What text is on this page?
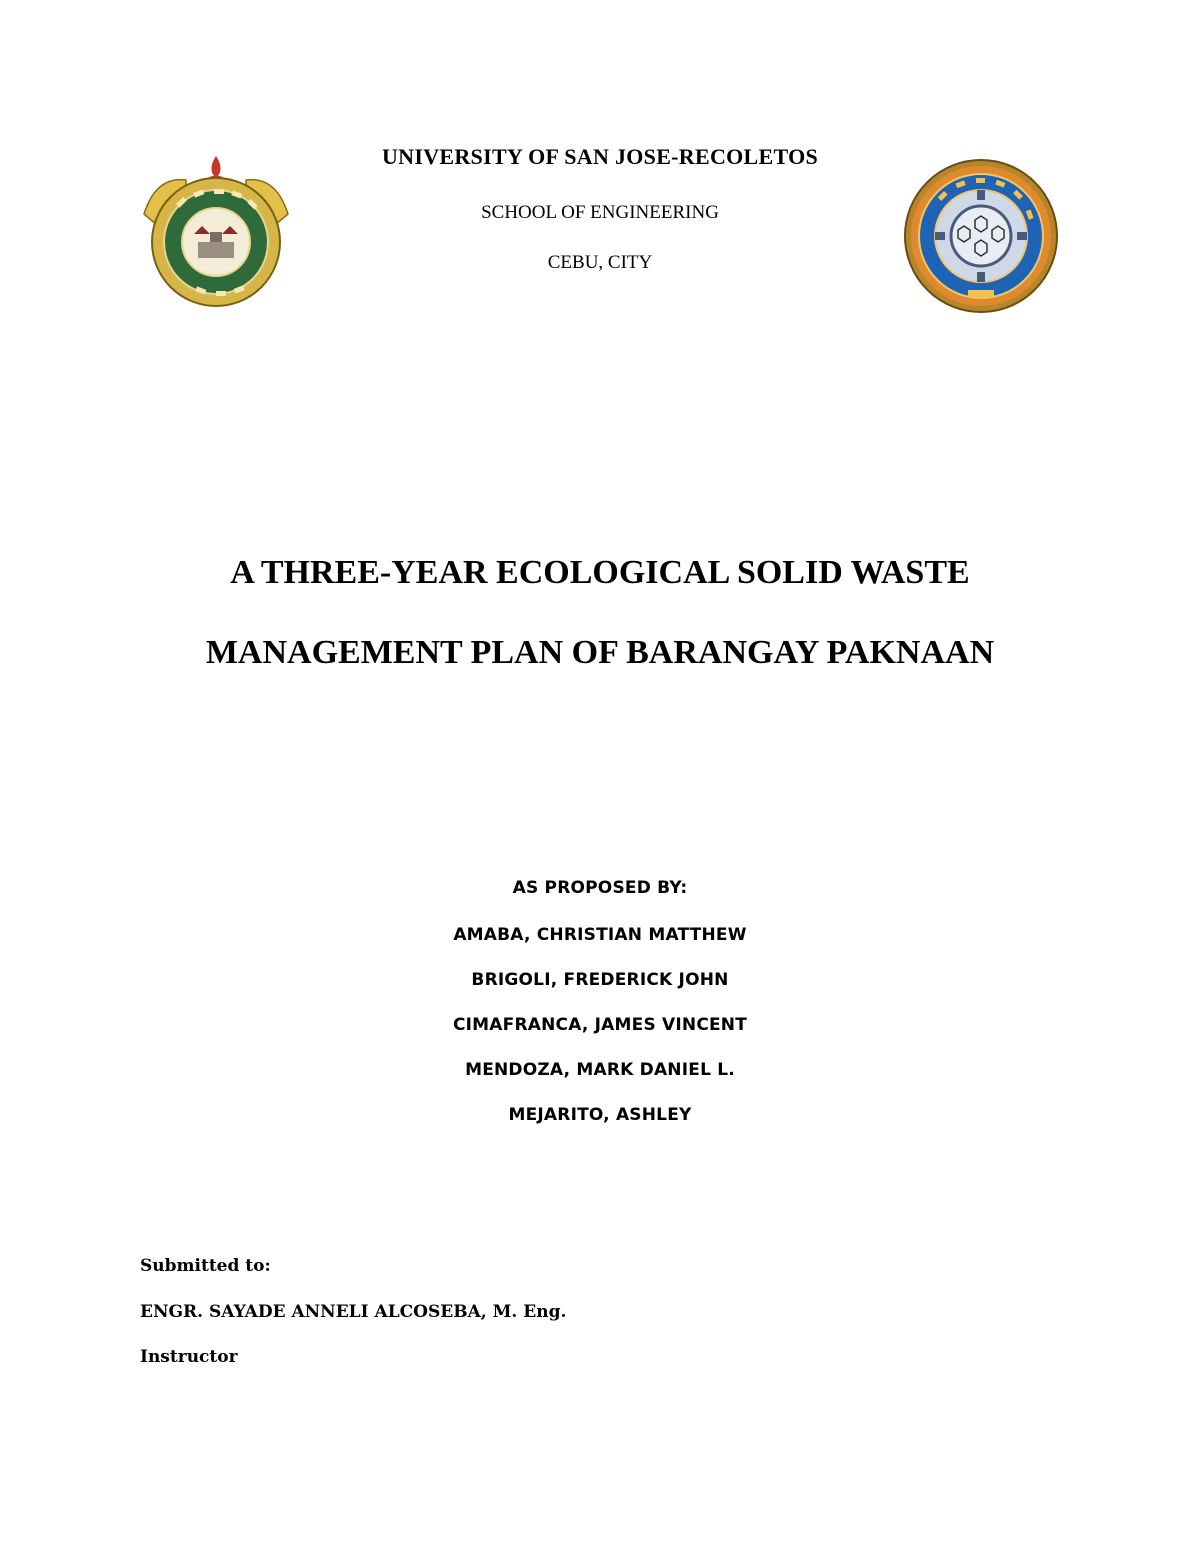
UNIVERSITY OF SAN JOSE-RECOLETOS
SCHOOL OF ENGINEERING
CEBU, CITY
A THREE-YEAR ECOLOGICAL SOLID WASTE
MANAGEMENT PLAN OF BARANGAY PAKNAAN
AS PROPOSED BY:
AMABA, CHRISTIAN MATTHEW
BRIGOLI, FREDERICK JOHN
CIMAFRANCA, JAMES VINCENT
MENDOZA, MARK DANIEL L.
MEJARITO, ASHLEY
Submitted to:
ENGR. SAYADE ANNELI ALCOSEBA, M. Eng.
Instructor
